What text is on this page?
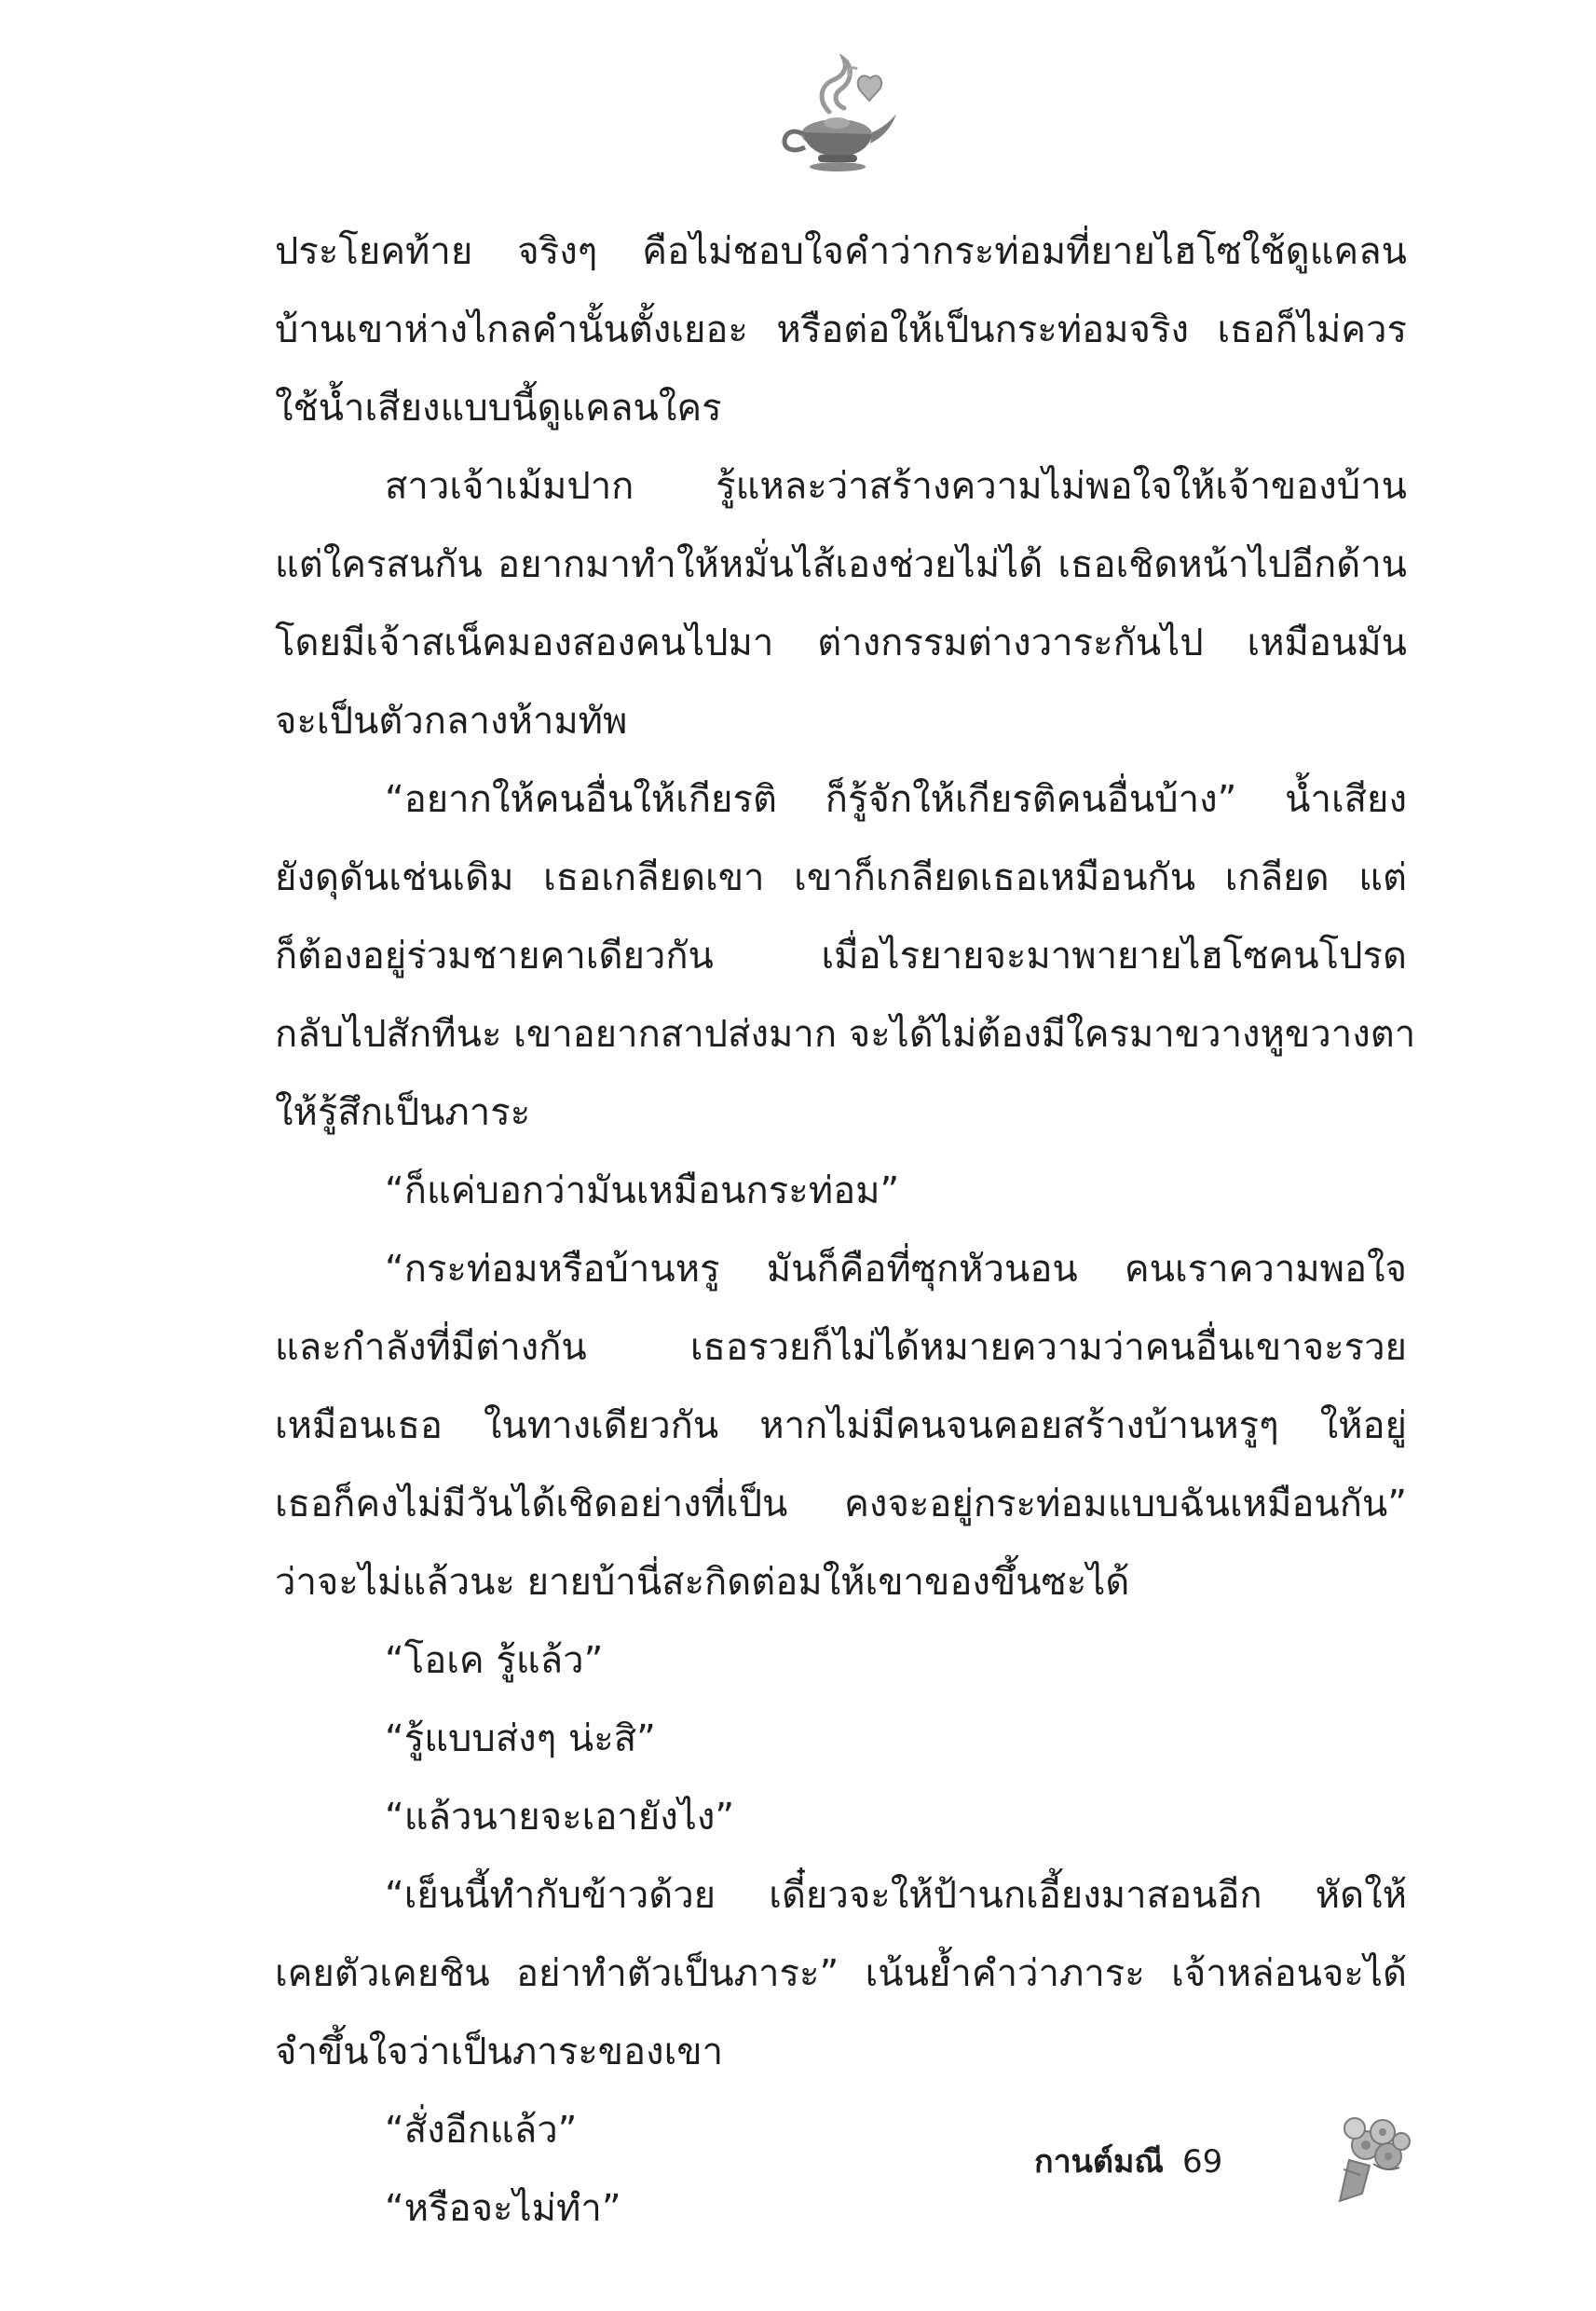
ประโยคท้าย จริงๆ คือไม่ชอบใจคำว่ากระท่อมที่ยายไฮโซใช้ดูแคลน
บ้านเขาห่างไกลคำนั้นตั้งเยอะ หรือต่อให้เป็นกระท่อมจริง เธอก็ไม่ควร
ใช้น้ำเสียงแบบนี้ดูแคลนใคร
สาวเจ้าเม้มปาก รู้แหละว่าสร้างความไม่พอใจให้เจ้าของบ้าน
แต่ใครสนกัน อยากมาทำให้หมั่นไส้เองช่วยไม่ได้ เธอเชิดหน้าไปอีกด้าน
โดยมีเจ้าสเน็คมองสองคนไปมา ต่างกรรมต่างวาระกันไป เหมือนมัน
จะเป็นตัวกลางห้ามทัพ
“อยากให้คนอื่นให้เกียรติ ก็รู้จักให้เกียรติคนอื่นบ้าง” น้ำเสียง
ยังดุดันเช่นเดิม เธอเกลียดเขา เขาก็เกลียดเธอเหมือนกัน เกลียด แต่
ก็ต้องอยู่ร่วมชายคาเดียวกัน เมื่อไรยายจะมาพายายไฮโซคนโปรด
กลับไปสักทีนะ เขาอยากสาปส่งมาก จะได้ไม่ต้องมีใครมาขวางหูขวางตา
ให้รู้สึกเป็นภาระ
“ก็แค่บอกว่ามันเหมือนกระท่อม”
“กระท่อมหรือบ้านหรู มันก็คือที่ซุกหัวนอน คนเราความพอใจ
และกำลังที่มีต่างกัน เธอรวยก็ไม่ได้หมายความว่าคนอื่นเขาจะรวย
เหมือนเธอ ในทางเดียวกัน หากไม่มีคนจนคอยสร้างบ้านหรูๆ ให้อยู่
เธอก็คงไม่มีวันได้เชิดอย่างที่เป็น คงจะอยู่กระท่อมแบบฉันเหมือนกัน”
ว่าจะไม่แล้วนะ ยายบ้านี่สะกิดต่อมให้เขาของขึ้นซะได้
“โอเค รู้แล้ว”
“รู้แบบส่งๆ น่ะสิ”
“แล้วนายจะเอายังไง”
“เย็นนี้ทำกับข้าวด้วย เดี๋ยวจะให้ป้านกเอี้ยงมาสอนอีก หัดให้
เคยตัวเคยชิน อย่าทำตัวเป็นภาระ” เน้นย้ำคำว่าภาระ เจ้าหล่อนจะได้
จำขึ้นใจว่าเป็นภาระของเขา
“สั่งอีกแล้ว”
“หรือจะไม่ทำ”
กานต์มณี 69
